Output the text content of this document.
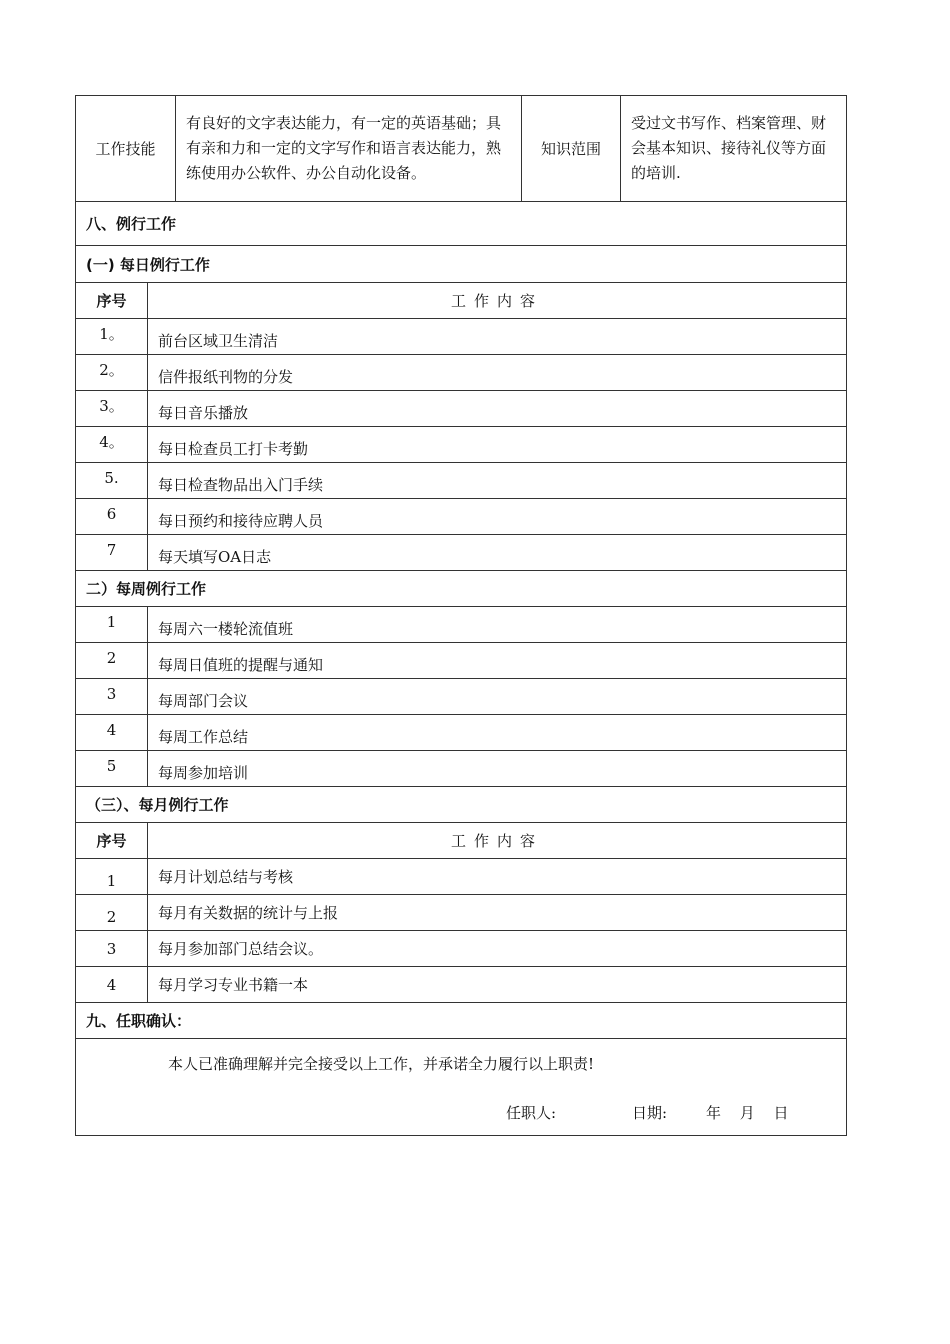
工作技能	有良好的文字表达能力，有一定的英语基础；具有亲和力和一定的文字写作和语言表达能力，熟练使用办公软件、办公自动化设备。	知识范围	受过文书写作、档案管理、财会基本知识、接待礼仪等方面的培训.
八、例行工作	
(一) 每日例行工作	
序号	工作内容
1。	前台区域卫生清洁
2。	信件报纸刊物的分发
3。	每日音乐播放
4。	每日检查员工打卡考勤
5.	每日检查物品出入门手续
6	每日预约和接待应聘人员
7	每天填写OA日志
二）每周例行工作	
1	每周六一楼轮流值班
2	每周日值班的提醒与通知
3	每周部门会议
4	每周工作总结
5	每周参加培训
（三）、每月例行工作	
序号	工作内容
1	每月计划总结与考核
2	每月有关数据的统计与上报
3	每月参加部门总结会议。
4	每月学习专业书籍一本
九、任职确认：	

本人已准确理解并完全接受以上工作，并承诺全力履行以上职责!
任职人: 日期: 年 月 日	
